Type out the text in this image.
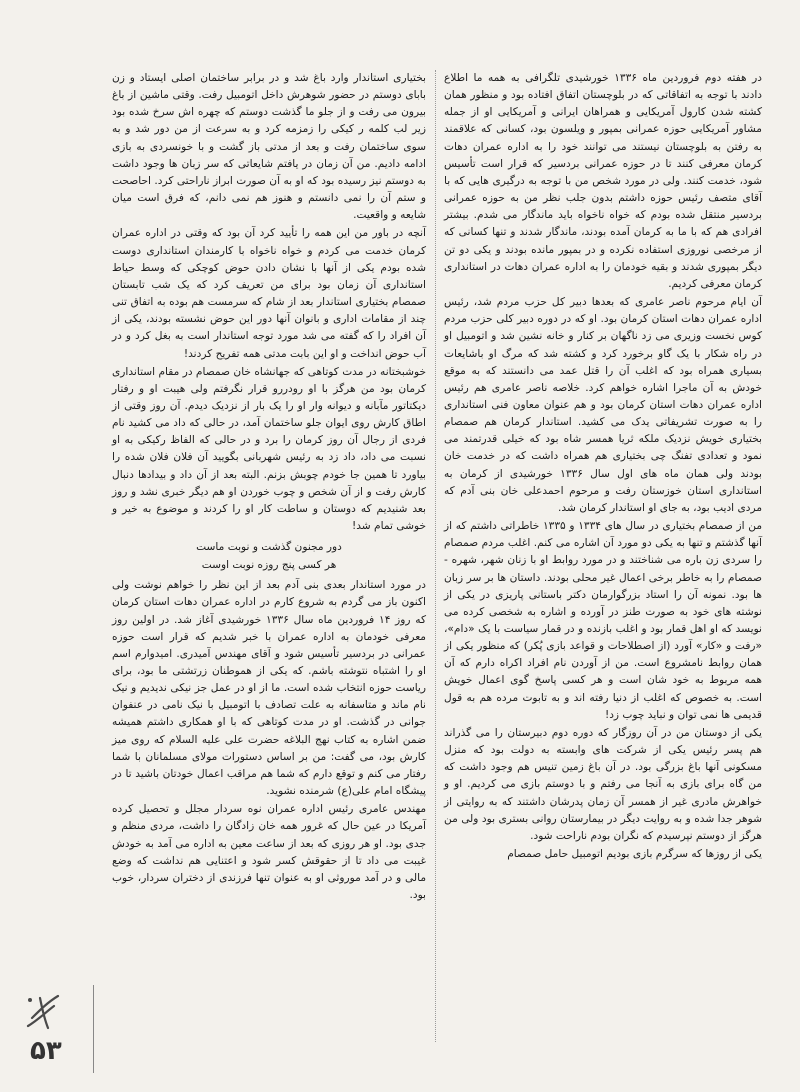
در هفته دوم فروردین ماه ۱۳۳۶ خورشیدی تلگرافی به همه ما اطلاع دادند با توجه به اتفاقاتی که در بلوچستان اتفاق افتاده بود و منظور همان کشته شدن کارول آمریکایی و همراهان ایرانی و آمریکایی او از جمله مشاور آمریکایی حوزه عمرانی بمپور و ویلسون بود، کسانی که علاقمند به رفتن به بلوچستان نیستند می توانند خود را به اداره عمران دهات کرمان معرفی کنند تا در حوزه عمرانی بردسیر که قرار است تأسیس شود، خدمت کنند. ولی در مورد شخص من با توجه به درگیری هایی که با آقای متصف رئیس حوزه داشتم بدون جلب نظر من به حوزه عمرانی بردسیر منتقل شده بودم که خواه ناخواه باید ماندگار می شدم. بیشتر افرادی هم که با ما به کرمان آمده بودند، ماندگار شدند و تنها کسانی که از مرخصی نوروزی استفاده نکرده و در بمپور مانده بودند و یکی دو تن دیگر بمپوری شدند و بقیه خودمان را به اداره عمران دهات در استانداری کرمان معرفی کردیم.

آن ایام مرحوم ناصر عامری که بعدها دبیر کل حزب مردم شد، رئیس اداره عمران دهات استان کرمان بود. او که در دوره دبیر کلی حزب مردم کوس نخست وزیری می زد ناگهان بر کنار و خانه نشین شد و اتومبیل او در راه شکار با یک گاو برخورد کرد و کشته شد که مرگ او باشایعات بسیاری همراه بود که اغلب آن را قتل عمد می دانستند که به موقع خودش به آن ماجرا اشاره خواهم کرد. خلاصه ناصر عامری هم رئیس اداره عمران دهات استان کرمان بود و هم عنوان معاون فنی استانداری را به صورت تشریفاتی یدک می کشید. استاندار کرمان هم صمصام بختیاری خویش نزدیک ملکه ثریا همسر شاه بود که خیلی قدرتمند می نمود و تعدادی تفنگ چی بختیاری هم همراه داشت که در خدمت خان بودند ولی همان ماه های اول سال ۱۳۳۶ خورشیدی از کرمان به استانداری استان خوزستان رفت و مرحوم احمدعلی خان بنی آدم که مردی ادیب بود، به جای او استاندار کرمان شد.

من از صمصام بختیاری در سال های ۱۳۳۴ و ۱۳۳۵ خاطراتی داشتم که از آنها گذشتم و تنها به یکی دو مورد آن اشاره می کنم. اغلب مردم صمصام را سردی زن باره می شناختند و در مورد روابط او با زنان شهر، شهره - صمصام را به خاطر برخی اعمال غیر محلی بودند. داستان ها بر سر زبان ها بود. نمونه آن را استاد بزرگوارمان دکتر باستانی پاریزی در یکی از نوشته های خود به صورت طنز در آورده و اشاره به شخصی کرده می نویسد که او اهل قمار بود و اغلب بازنده و در قمار سیاست با یک «دام»، «رفت و «کار» آورد (از اصطلاحات و قواعد بازی پُکر) که منظور یکی از همان روابط نامشروع است. من از آوردن نام افراد اکراه دارم که آن همه مربوط به خود شان است و هر کسی پاسخ گوی اعمال خویش است. به خصوص که اغلب از دنیا رفته اند و به تابوت مرده هم به قول قدیمی ها نمی توان و نباید چوب زد!

یکی از دوستان من در آن روزگار که دوره دوم دبیرستان را می گذراند هم پسر رئیس یکی از شرکت های وابسته به دولت بود که منزل مسکونی آنها باغ بزرگی بود. در آن باغ زمین تنیس هم وجود داشت که من گاه برای بازی به آنجا می رفتم و با دوستم بازی می کردیم. او و خواهرش مادری غیر از همسر آن زمان پدرشان داشتند که به روایتی از شوهر جدا شده و به روایت دیگر در بیمارستان روانی بستری بود ولی من هرگز از دوستم نپرسیدم که نگران بودم ناراحت شود.

یکی از روزها که سرگرم بازی بودیم اتومبیل حامل صمصام

بختیاری استاندار وارد باغ شد و در برابر ساختمان اصلی ایستاد و زن بابای دوستم در حضور شوهرش داخل اتومبیل رفت. وقتی ماشین از باغ بیرون می رفت و از جلو ما گذشت دوستم که چهره اش سرخ شده بود زیر لب کلمه ر کیکی را زمزمه کرد و به سرعت از من دور شد و به سوی ساختمان رفت و بعد از مدتی باز گشت و با خونسردی به بازی ادامه دادیم. من آن زمان در یافتم شایعاتی که سر زبان ها وجود داشت به دوستم نیز رسیده بود که او به آن صورت ابراز ناراحتی کرد. احاصحت و ستم آن را نمی دانستم و هنوز هم نمی دانم، که فرق است میان شایعه و واقعیت.

آنچه در باور من این همه را تأیید کرد آن بود که وقتی در اداره عمران کرمان خدمت می کردم و خواه ناخواه با کارمندان استانداری دوست شده بودم یکی از آنها با نشان دادن حوض کوچکی که وسط حیاط استانداری آن زمان بود برای من تعریف کرد که یک شب تابستان صمصام بختیاری استاندار بعد از شام که سرمست هم بوده به اتفاق تنی چند از مقامات اداری و بانوان آنها دور این حوض نشسته بودند، یکی از آن افراد را که گفته می شد مورد توجه استاندار است به بغل کرد و در آب حوض انداخت و او این بابت مدتی همه تفریح کردند!

خوشبختانه در مدت کوتاهی که جهانشاه خان صمصام در مقام استانداری کرمان بود من هرگز با او رودررو قرار نگرفتم ولی هیبت او و رفتار دیکتاتور مآبانه و دیوانه وار او را یک بار از نزدیک دیدم. آن روز وقتی از اطاق کارش روی ایوان جلو ساختمان آمد، در حالی که داد می کشید نام فردی از رجال آن روز کرمان را برد و در حالی که الفاظ رکیکی به او نسبت می داد، داد زد به رئیس شهربانی بگویید آن فلان فلان شده را بیاورد تا همین جا خودم چوبش بزنم. البته بعد از آن داد و بیدادها دنبال کارش رفت و از آن شخص و چوب خوردن او هم دیگر خبری نشد و روز بعد شنیدیم که دوستان و ساطت کار او را کردند و موضوع به خیر و خوشی تمام شد!

دور مجنون گذشت و نوبت ماست
هر کسی پنج روزه نوبت اوست

در مورد استاندار بعدی بنی آدم بعد از این نظر را خواهم نوشت ولی اکنون باز می گردم به شروع کارم در اداره عمران دهات استان کرمان که روز ۱۴ فروردین ماه سال ۱۳۳۶ خورشیدی آغاز شد. در اولین روز معرفی خودمان به اداره عمران با خبر شدیم که قرار است حوزه عمرانی در بردسیر تأسیس شود و آقای مهندس آمیدری. امیدوارم اسم او را اشتباه نتوشته باشم. که یکی از هموطنان زرتشتی ما بود، برای ریاست حوزه انتخاب شده است. ما از او در عمل جز نیکی ندیدیم و نیک نام ماند و متاسفانه به علت تصادف با اتومبیل با نیک نامی در عنفوان جوانی در گذشت. او در مدت کوتاهی که با او همکاری داشتم همیشه ضمن اشاره به کتاب نهج البلاغه حضرت علی علیه السلام که روی میز کارش بود، می گفت: من بر اساس دستورات مولای مسلمانان با شما رفتار می کنم و توقع دارم که شما هم مراقب اعمال خودتان باشید تا در پیشگاه امام علی(ع) شرمنده نشوید.

مهندس عامری رئیس اداره عمران نوه سردار مجلل و تحصیل کرده آمریکا در عین حال که غرور همه خان زادگان را داشت، مردی منظم و جدی بود. او هر روزی که بعد از ساعت معین به اداره می آمد به خودش غیبت می داد تا از حقوقش کسر شود و اعتنایی هم نداشت که وضع مالی و در آمد موروثی او به عنوان تنها فرزندی از دختران سردار، خوب بود.

۵۳
